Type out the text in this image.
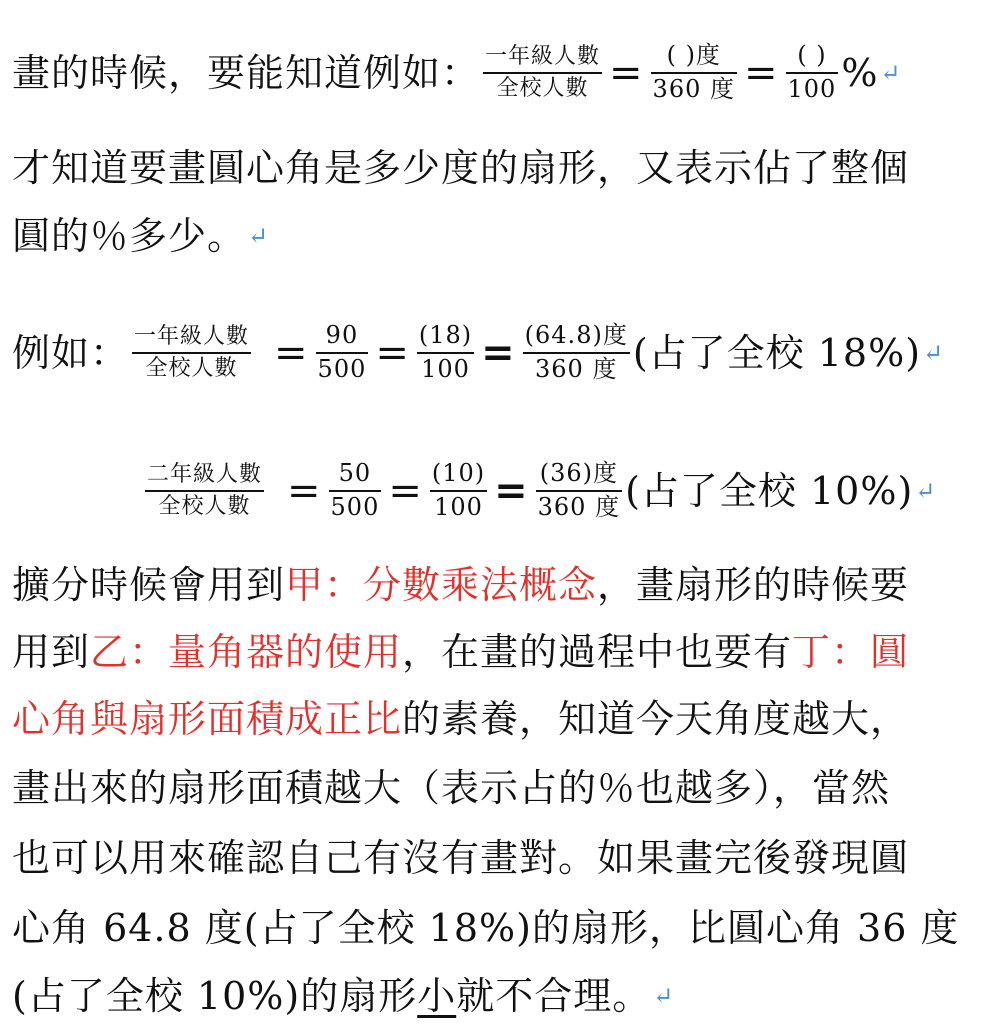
畫的時候，要能知道例如： $\frac{\text{一年級人數}}{\text{全校人數}} = \frac{\text{( )度}}{\text{360 度}} = \frac{( )}{100}$ % ↵
才知道要畫圓心角是多少度的扇形，又表示佔了整個
圓的％多少。 ↵
例如： $\frac{\text{一年級人數}}{\text{全校人數}} = \frac{90}{500} = \frac{(18)}{100} = \frac{\text{(64.8)度}}{\text{360 度}}$ (占了全校 18%) ↵
$\frac{\text{二年級人數}}{\text{全校人數}} = \frac{50}{500} = \frac{(10)}{100} = \frac{\text{(36)度}}{\text{360 度}}$ (占了全校 10%) ↵
擴分時候會用到 甲：分數乘法概念 ，畫扇形的時候要
用到 乙：量角器的使用 ，在畫的過程中也要有 丁：圓
心角與扇形面積成正比 的素養，知道今天角度越大，
畫出來的扇形面積越大（表示占的％也越多），當然
也可以用來確認自己有沒有畫對。如果畫完後發現圓
心角 64.8 度(占了全校 18%)的扇形，比圓心角 36 度
(占了全校 10%)的扇形 小 就不合理。 ↵
